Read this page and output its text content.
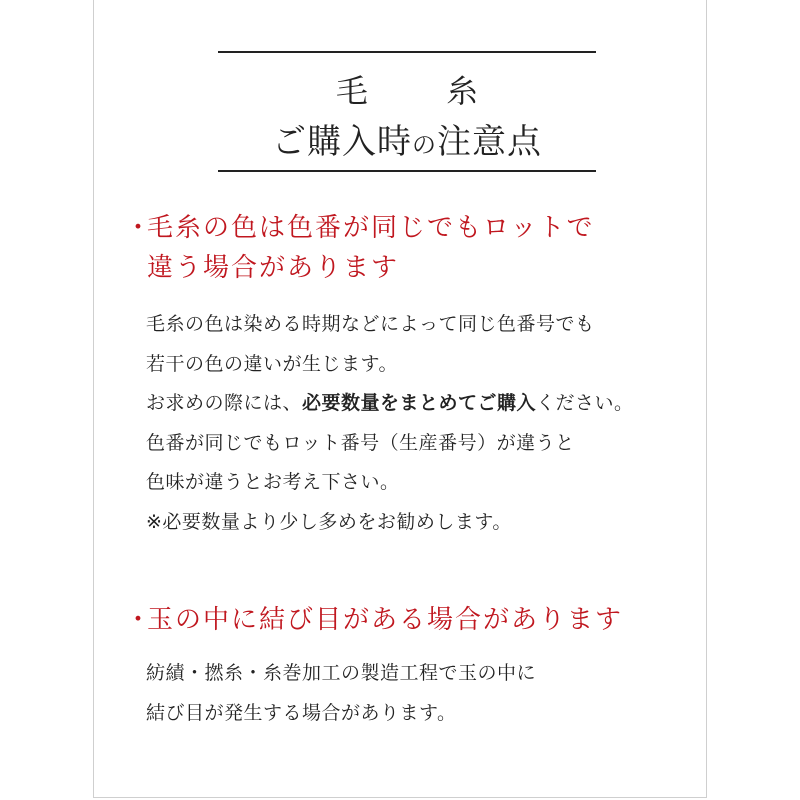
毛 糸
ご購入時の注意点
・毛糸の色は色番が同じでもロットで
違う場合があります
毛糸の色は染める時期などによって同じ色番号でも
若干の色の違いが生じます。
お求めの際には、必要数量をまとめてご購入ください。
色番が同じでもロット番号（生産番号）が違うと
色味が違うとお考え下さい。
※必要数量より少し多めをお勧めします。
・玉の中に結び目がある場合があります
紡績・撚糸・糸巻加工の製造工程で玉の中に
結び目が発生する場合があります。
